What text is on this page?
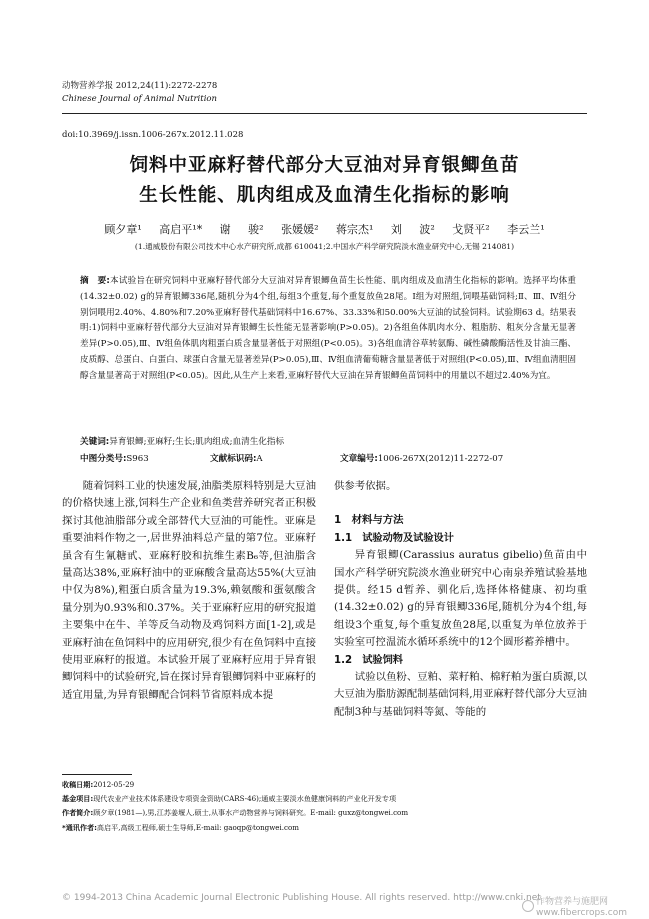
动物营养学报 2012,24(11):2272-2278
Chinese Journal of Animal Nutrition
doi:10.3969/j.issn.1006-267x.2012.11.028
饲料中亚麻籽替代部分大豆油对异育银鲫鱼苗
生长性能、肌肉组成及血清生化指标的影响
顾夕章¹ 高启平¹* 谢 骏² 张媛媛² 蒋宗杰¹ 刘 波² 戈贤平² 李云兰¹
(1.通威股份有限公司技术中心水产研究所,成都 610041;2.中国水产科学研究院淡水渔业研究中心,无锡 214081)
摘　要:本试验旨在研究饲料中亚麻籽替代部分大豆油对异育银鲫鱼苗生长性能、肌肉组成及血清生化指标的影响。选择平均体重(14.32±0.02) g的异育银鲫336尾,随机分为4个组,每组3个重复,每个重复放鱼28尾。Ⅰ组为对照组,饲喂基础饲料;Ⅱ、Ⅲ、Ⅳ组分别饲喂用2.40%、4.80%和7.20%亚麻籽替代基础饲料中16.67%、33.33%和50.00%大豆油的试验饲料。试验期63 d。结果表明:1)饲料中亚麻籽替代部分大豆油对异育银鲫生长性能无显著影响(P>0.05)。2)各组鱼体肌肉水分、粗脂肪、粗灰分含量无显著差异(P>0.05),Ⅲ、Ⅳ组鱼体肌肉粗蛋白质含量显著低于对照组(P<0.05)。3)各组血清谷草转氨酶、碱性磷酸酶活性及甘油三酯、皮质醇、总蛋白、白蛋白、球蛋白含量无显著差异(P>0.05),Ⅲ、Ⅳ组血清葡萄糖含量显著低于对照组(P<0.05),Ⅲ、Ⅳ组血清胆固醇含量显著高于对照组(P<0.05)。因此,从生产上来看,亚麻籽替代大豆油在异育银鲫鱼苗饲料中的用量以不超过2.40%为宜。
关键词:异育银鲫;亚麻籽;生长;肌肉组成;血清生化指标
中图分类号:S963	文献标识码:A	文章编号:1006-267X(2012)11-2272-07

随着饲料工业的快速发展,油脂类原料特别是大豆油的价格快速上涨,饲料生产企业和鱼类营养研究者正积极探讨其他油脂部分或全部替代大豆油的可能性。亚麻是重要油料作物之一,居世界油料总产量的第7位。亚麻籽虽含有生氰糖甙、亚麻籽胶和抗维生素B₆等,但油脂含量高达38%,亚麻籽油中的亚麻酸含量高达55%(大豆油中仅为8%),粗蛋白质含量为19.3%,赖氨酸和蛋氨酸含量分别为0.93%和0.37%。关于亚麻籽应用的研究报道主要集中在牛、羊等反刍动物及鸡饲料方面[1-2],或是亚麻籽油在鱼饲料中的应用研究,很少有在鱼饲料中直接使用亚麻籽的报道。本试验开展了亚麻籽应用于异育银鲫饲料中的试验研究,旨在探讨异育银鲫饲料中亚麻籽的适宜用量,为异育银鲫配合饲料节省原料成本提

供参考依据。
1　材料与方法
1.1　试验动物及试验设计

异育银鲫(Carassius auratus gibelio)鱼苗由中国水产科学研究院淡水渔业研究中心南泉养殖试验基地提供。经15 d暂养、驯化后,选择体格健康、初均重(14.32±0.02) g的异育银鲫336尾,随机分为4个组,每组设3个重复,每个重复放鱼28尾,以重复为单位放养于实验室可控温流水循环系统中的12个圆形蓄养槽中。

1.2　试验饲料

试验以鱼粉、豆粕、菜籽粕、棉籽粕为蛋白质源,以大豆油为脂肪源配制基础饲料,用亚麻籽替代部分大豆油配制3种与基础饲料等氮、等能的

收稿日期:2012-05-29
基金项目:现代农业产业技术体系建设专项资金资助(CARS-46);通威主要淡水鱼健康饲料的产业化开发专项
作者简介:顾夕章(1981—),男,江苏姜堰人,硕士,从事水产动物营养与饲料研究。E-mail: guxz@tongwei.com
*通讯作者:高启平,高级工程师,硕士生导师,E-mail: gaoqp@tongwei.com
© 1994-2013 China Academic Journal Electronic Publishing House. All rights reserved. http://www.cnki.net
作物营养与施肥网
www.fibercrops.com
